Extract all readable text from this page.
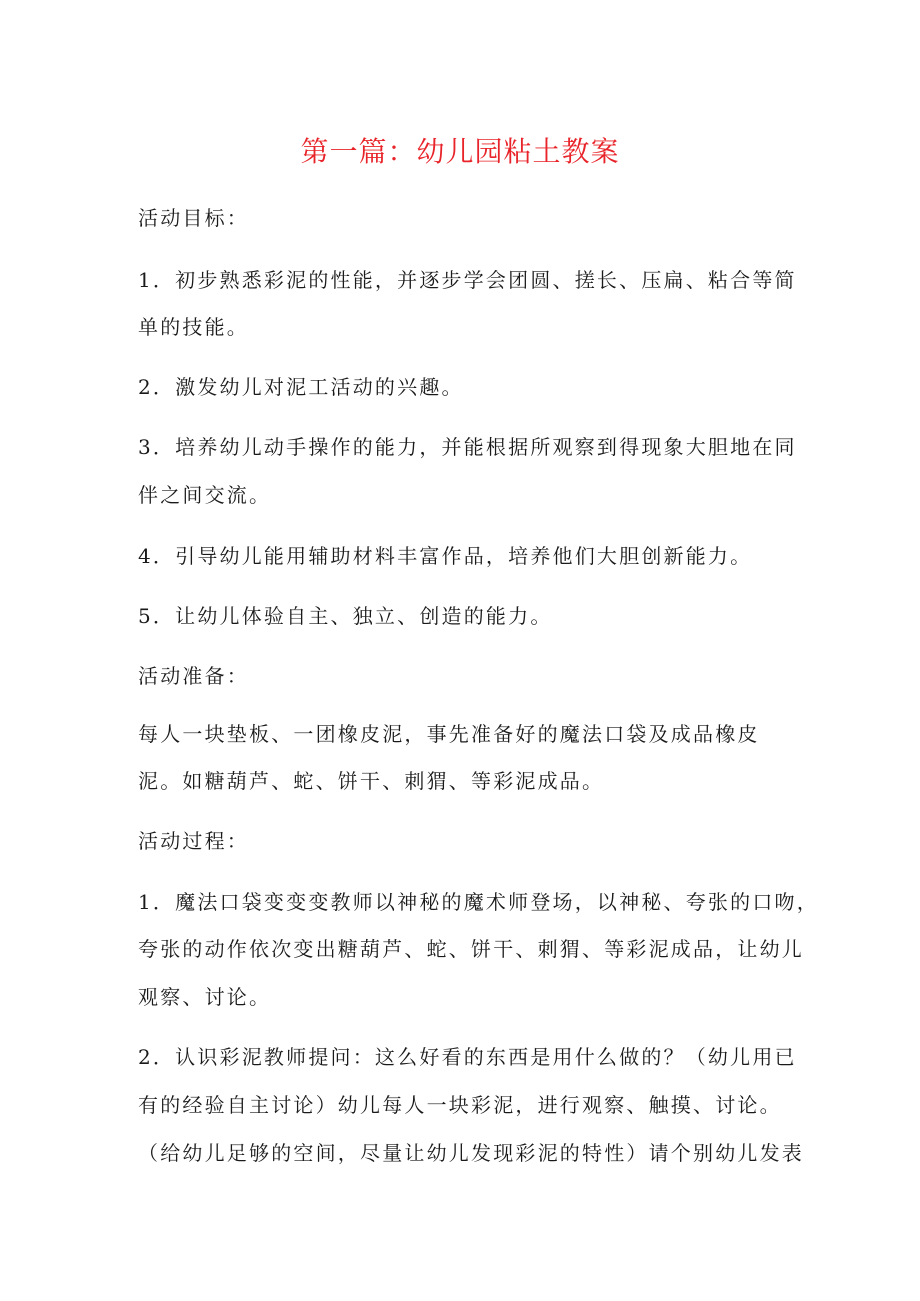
第一篇：幼儿园粘土教案
活动目标：
1．初步熟悉彩泥的性能，并逐步学会团圆、搓长、压扁、粘合等简
单的技能。
2．激发幼儿对泥工活动的兴趣。
3．培养幼儿动手操作的能力，并能根据所观察到得现象大胆地在同
伴之间交流。
4．引导幼儿能用辅助材料丰富作品，培养他们大胆创新能力。
5．让幼儿体验自主、独立、创造的能力。
活动准备：
每人一块垫板、一团橡皮泥，事先准备好的魔法口袋及成品橡皮
泥。如糖葫芦、蛇、饼干、刺猬、等彩泥成品。
活动过程：
1．魔法口袋变变变教师以神秘的魔术师登场，以神秘、夸张的口吻，
夸张的动作依次变出糖葫芦、蛇、饼干、刺猬、等彩泥成品，让幼儿
观察、讨论。
2．认识彩泥教师提问：这么好看的东西是用什么做的？（幼儿用已
有的经验自主讨论）幼儿每人一块彩泥，进行观察、触摸、讨论。
（给幼儿足够的空间，尽量让幼儿发现彩泥的特性）请个别幼儿发表
